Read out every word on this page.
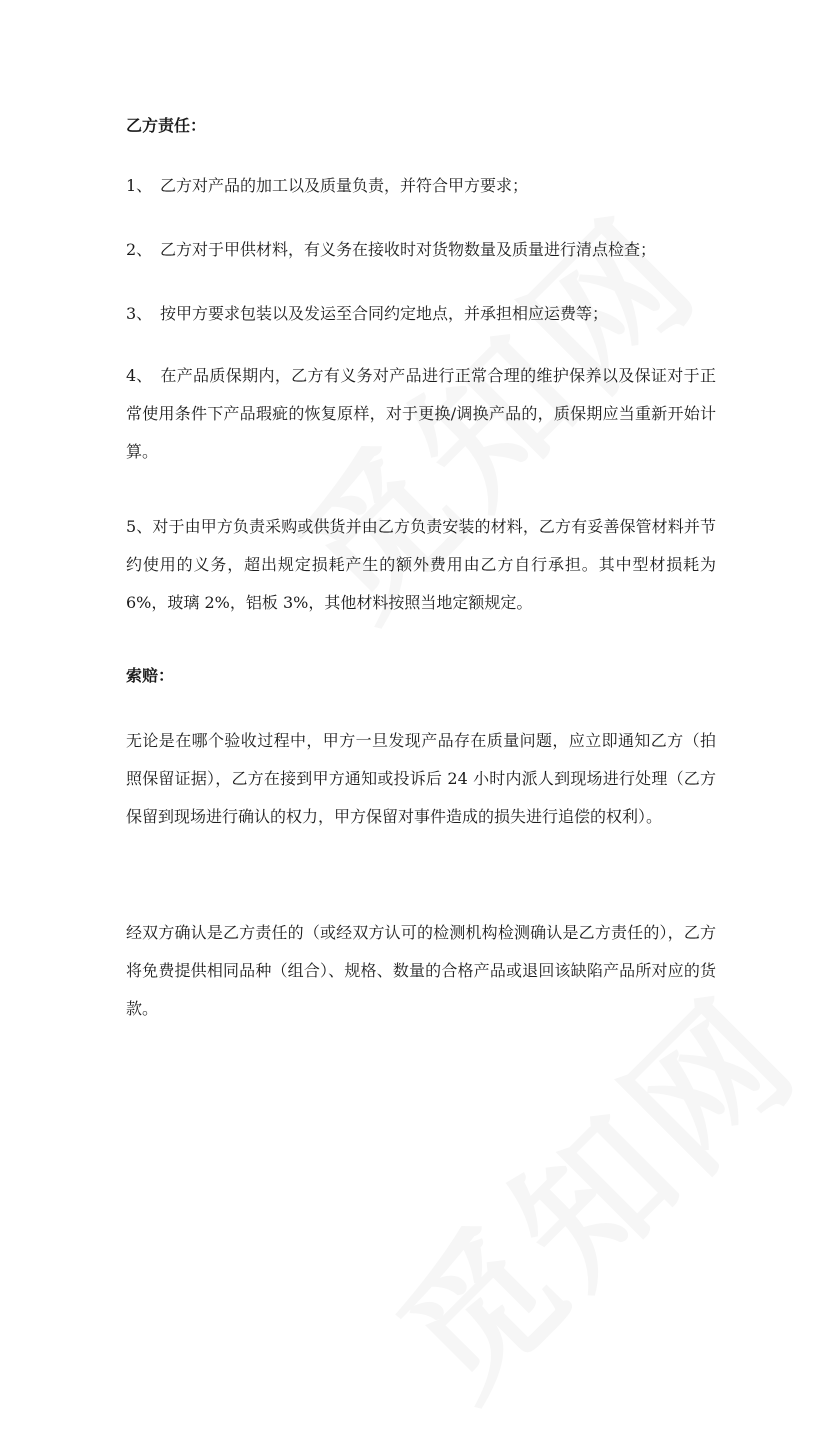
乙方责任：

1、 乙方对产品的加工以及质量负责，并符合甲方要求；

2、 乙方对于甲供材料，有义务在接收时对货物数量及质量进行清点检查；

3、 按甲方要求包装以及发运至合同约定地点，并承担相应运费等；

4、 在产品质保期内，乙方有义务对产品进行正常合理的维护保养以及保证对于正常使用条件下产品瑕疵的恢复原样，对于更换/调换产品的，质保期应当重新开始计算。

5、对于由甲方负责采购或供货并由乙方负责安装的材料，乙方有妥善保管材料并节约使用的义务，超出规定损耗产生的额外费用由乙方自行承担。其中型材损耗为 6%，玻璃 2%，铝板 3%，其他材料按照当地定额规定。

索赔：

无论是在哪个验收过程中，甲方一旦发现产品存在质量问题，应立即通知乙方（拍照保留证据），乙方在接到甲方通知或投诉后 24 小时内派人到现场进行处理（乙方保留到现场进行确认的权力，甲方保留对事件造成的损失进行追偿的权利）。

经双方确认是乙方责任的（或经双方认可的检测机构检测确认是乙方责任的），乙方将免费提供相同品种（组合）、规格、数量的合格产品或退回该缺陷产品所对应的货款。
